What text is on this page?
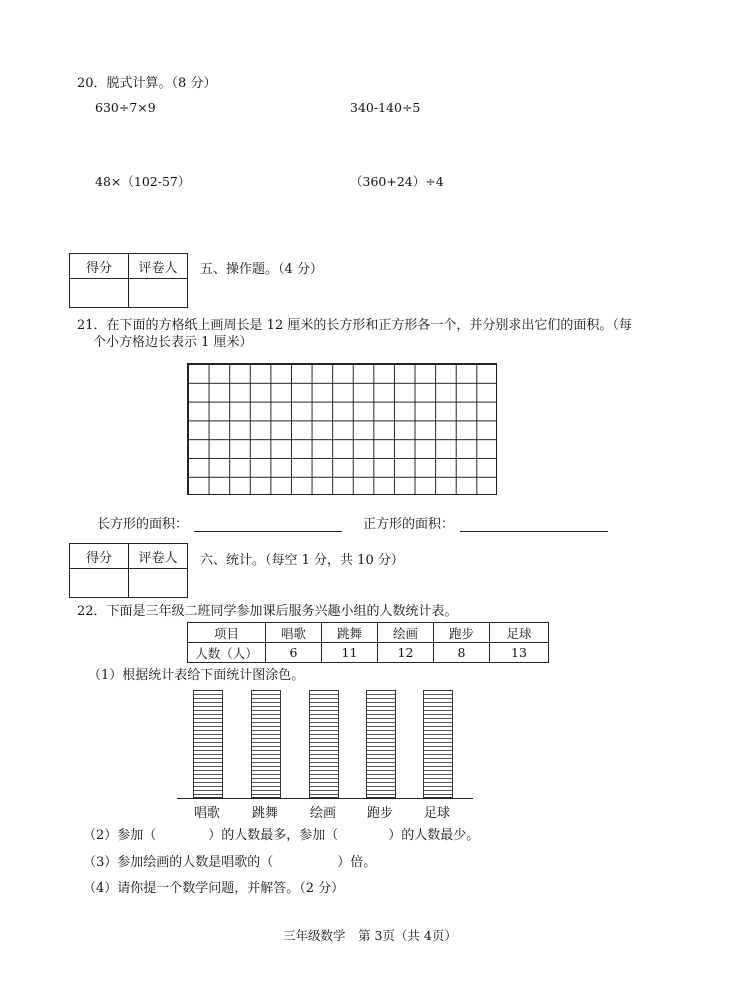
20．脱式计算。（8 分）
630÷7×9	340-140÷5
48×（102-57）	（360+24）÷4
得分	评卷人
	五、操作题。（4 分）
21．在下面的方格纸上画周长是 12 厘米的长方形和正方形各一个，并分别求出它们的面积。（每
个小方格边长表示 1 厘米）
长方形的面积：	正方形的面积：
得分	评卷人
	六、统计。（每空 1 分，共 10 分）
22．下面是三年级二班同学参加课后服务兴趣小组的人数统计表。
项目	唱歌	跳舞	绘画	跑步	足球
人数（人）	6	11	12	8	13
（1）根据统计表给下面统计图涂色。
唱歌 跳舞 绘画 跑步 足球
（2）参加（	）的人数最多，参加（	）的人数最少。
（3）参加绘画的人数是唱歌的（	）倍。
（4）请你提一个数学问题，并解答。（2 分）
三年级数学　第 3页（共 4页）
